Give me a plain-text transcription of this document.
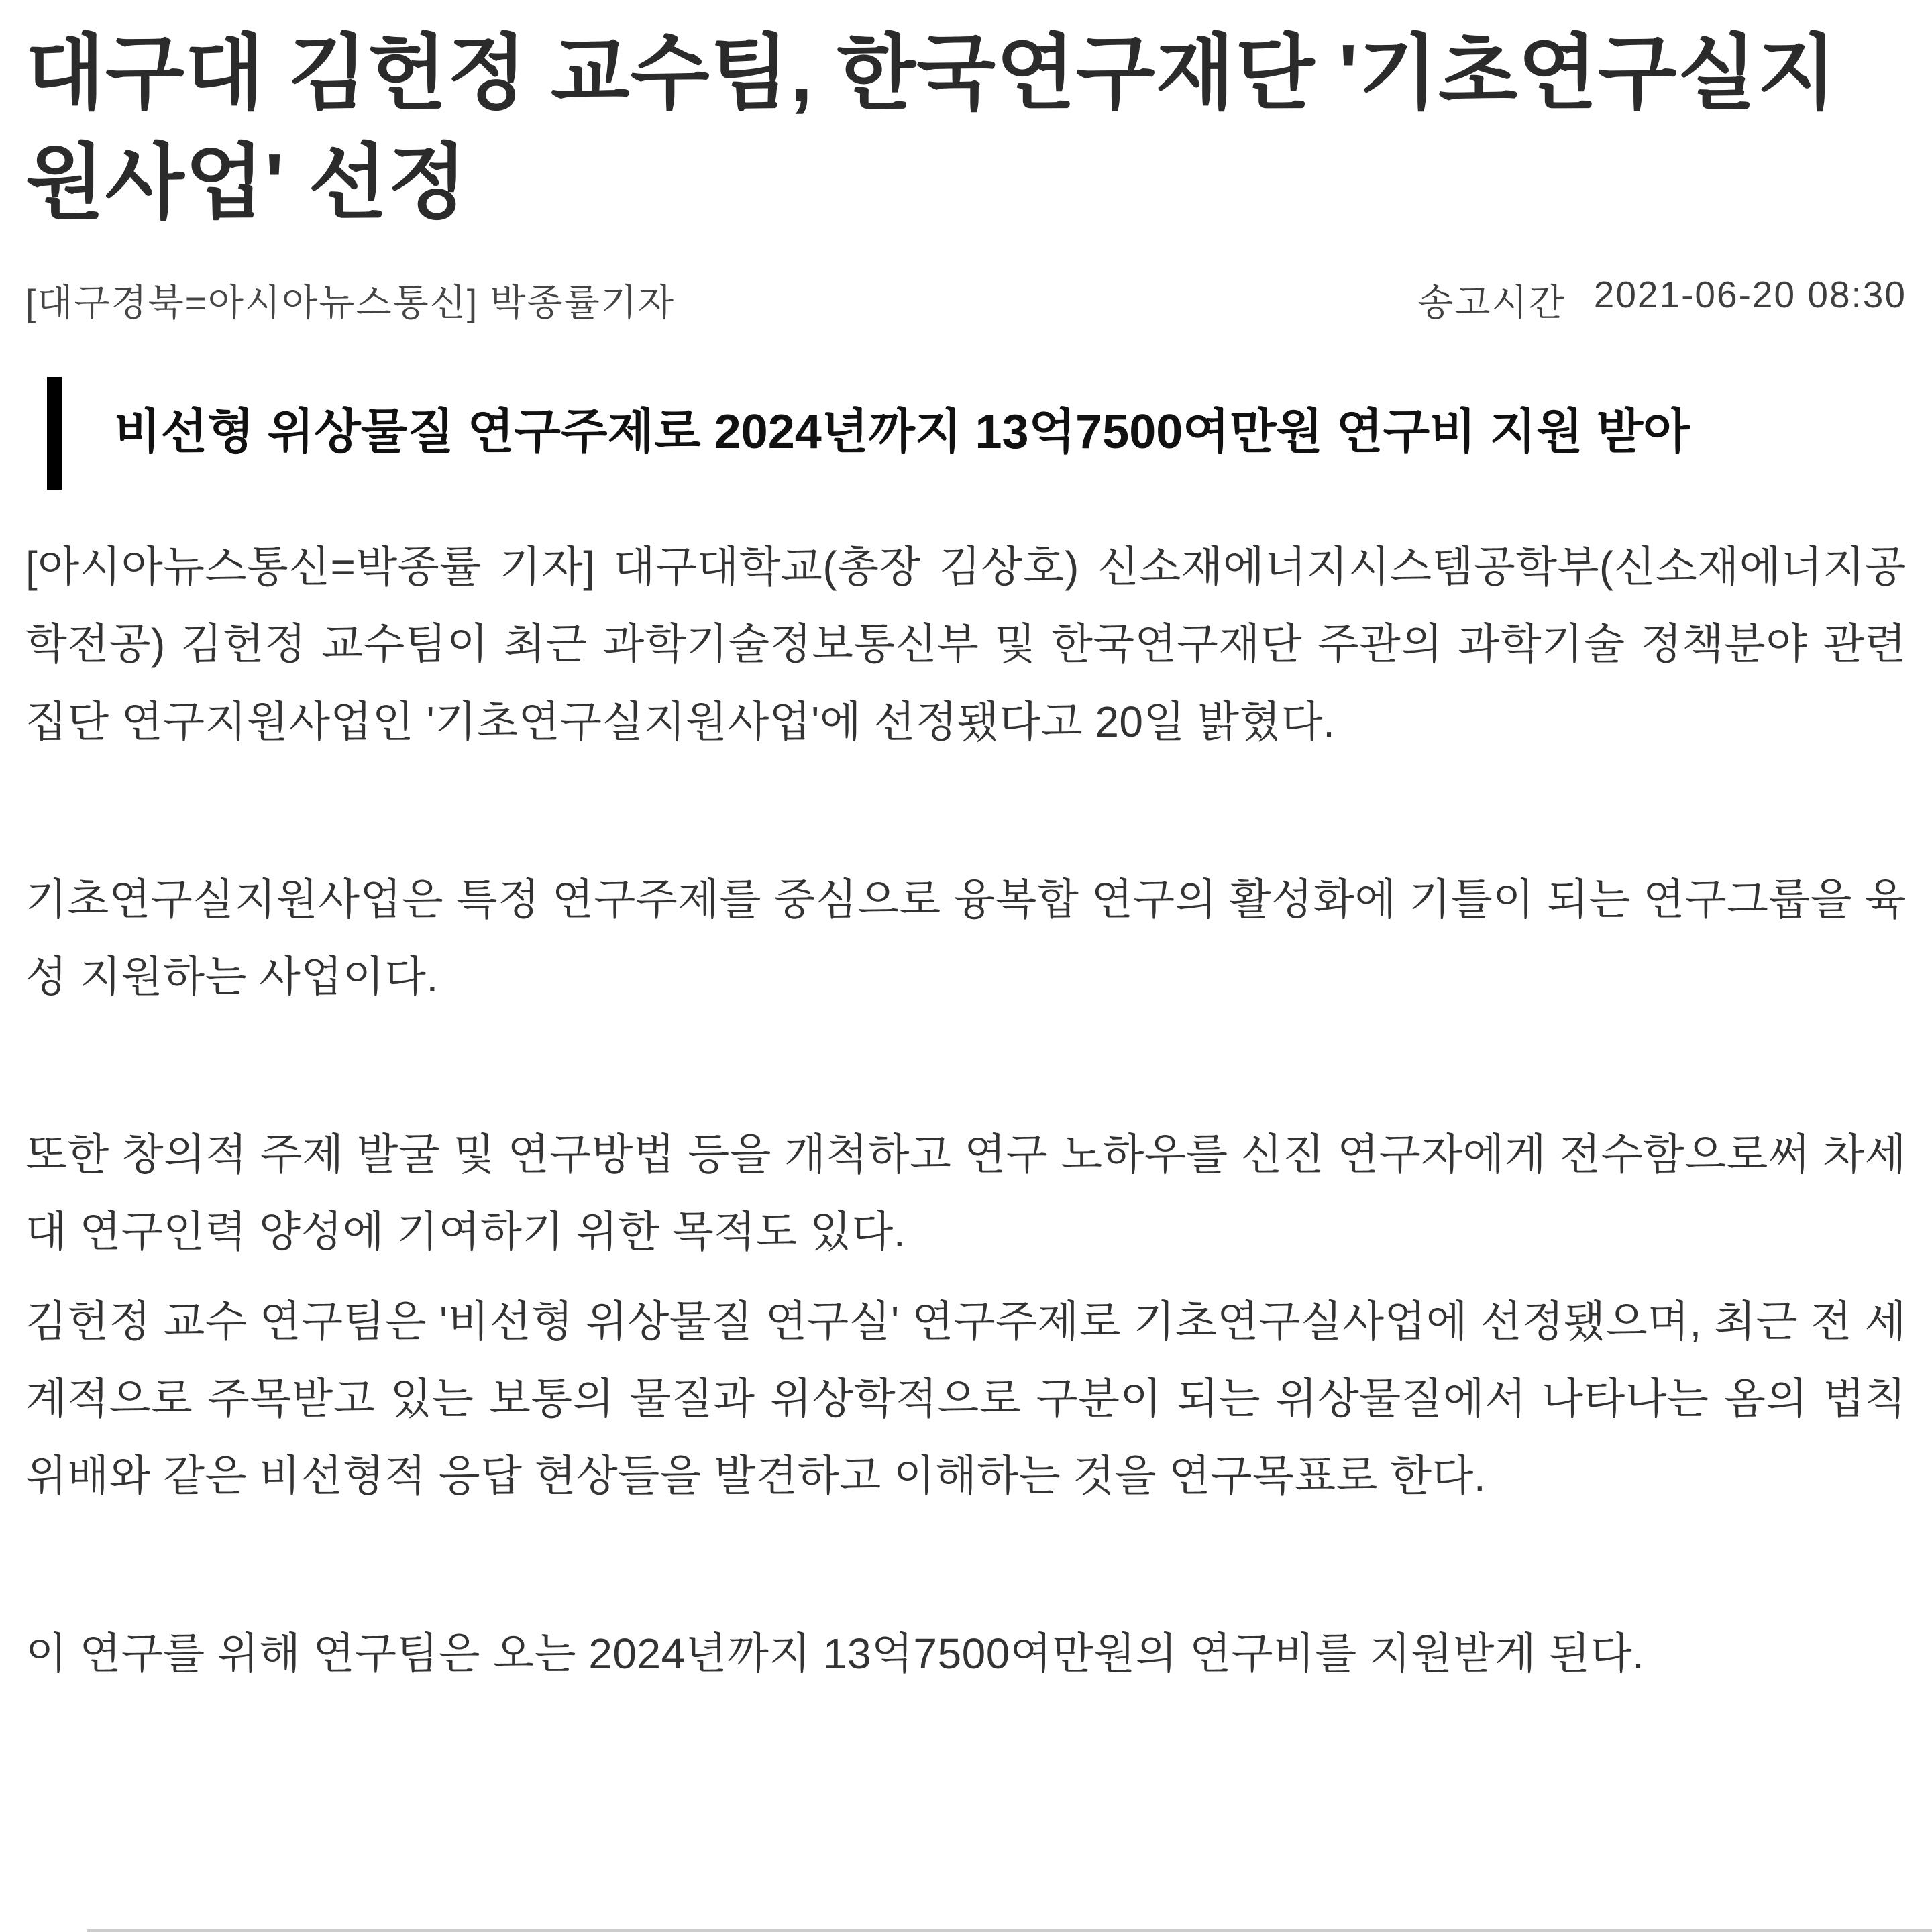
대구대 김헌정 교수팀, 한국연구재단 '기초연구실지원사업' 선정
[대구경북=아시아뉴스통신] 박종률기자	송고시간 2021-06-20 08:30
비선형 위상물질 연구주제로 2024년까지 13억7500여만원 연구비 지원 받아

[아시아뉴스통신=박종률 기자] 대구대학교(총장 김상호) 신소재에너지시스템공학부(신소재에너지공학전공) 김헌정 교수팀이 최근 과학기술정보통신부 및 한국연구재단 주관의 과학기술 정책분야 관련 집단 연구지원사업인 '기초연구실지원사업'에 선정됐다고 20일 밝혔다.

기초연구실지원사업은 특정 연구주제를 중심으로 융복합 연구의 활성화에 기틀이 되는 연구그룹을 육성 지원하는 사업이다.

또한 창의적 주제 발굴 및 연구방법 등을 개척하고 연구 노하우를 신진 연구자에게 전수함으로써 차세대 연구인력 양성에 기여하기 위한 목적도 있다.

김헌정 교수 연구팀은 '비선형 위상물질 연구실' 연구주제로 기초연구실사업에 선정됐으며, 최근 전 세계적으로 주목받고 있는 보통의 물질과 위상학적으로 구분이 되는 위상물질에서 나타나는 옴의 법칙 위배와 같은 비선형적 응답 현상들을 발견하고 이해하는 것을 연구목표로 한다.

이 연구를 위해 연구팀은 오는 2024년까지 13억7500여만원의 연구비를 지원받게 된다.
